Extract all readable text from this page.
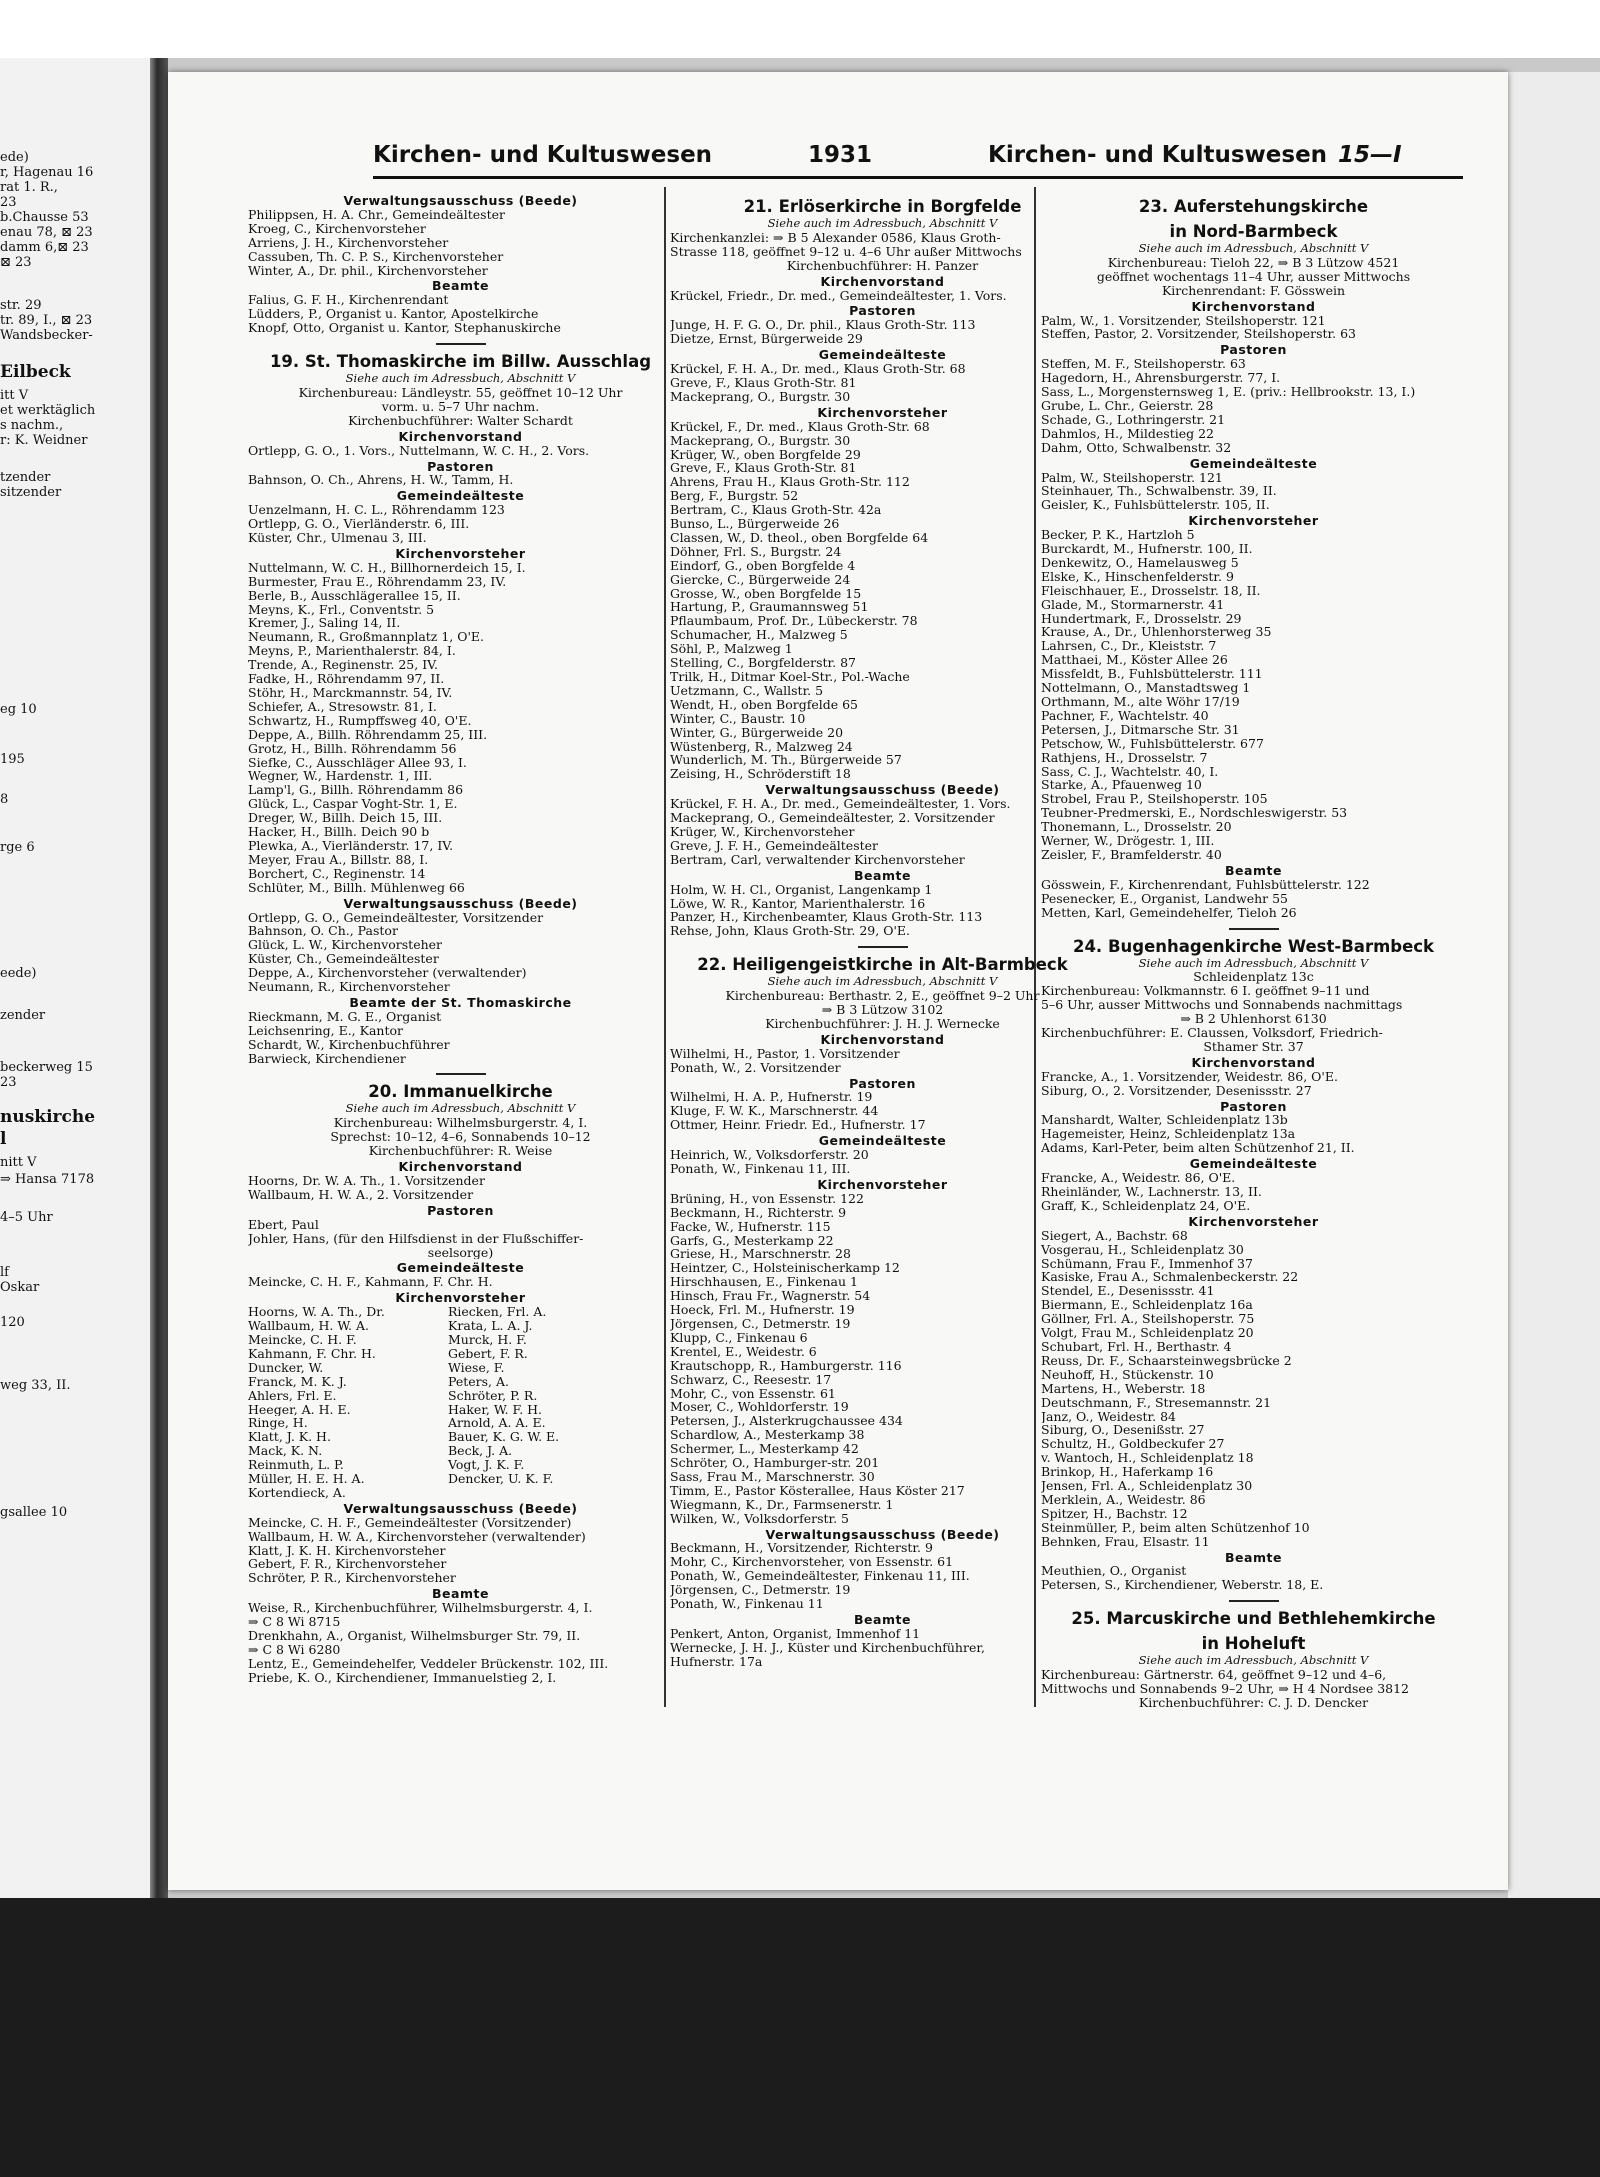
ede)
r, Hagenau 16
rat 1. R.,
23
b.Chausse 53
enau 78, ⊠ 23
damm 6,⊠ 23
⊠ 23
str. 29
tr. 89, I., ⊠ 23
Wandsbecker-
Eilbeck
itt V
et werktäglich
s nachm.,
r: K. Weidner
tzender
sitzender
eg 10
195
8
rge 6
eede)
zender
beckerweg 15
23
nuskirche
l
nitt V
⇒ Hansa 7178
4–5 Uhr
lf
Oskar
120
weg 33, II.
gsallee 10
Kirchen- und Kultuswesen	1931	Kirchen- und Kultuswesen 15—I
Verwaltungsausschuss (Beede)
Philippsen, H. A. Chr., Gemeindeältester
Kroeg, C., Kirchenvorsteher
Arriens, J. H., Kirchenvorsteher
Cassuben, Th. C. P. S., Kirchenvorsteher
Winter, A., Dr. phil., Kirchenvorsteher
Beamte
Falius, G. F. H., Kirchenrendant
Lüdders, P., Organist u. Kantor, Apostelkirche
Knopf, Otto, Organist u. Kantor, Stephanuskirche
19. St. Thomaskirche im Billw. Ausschlag
Siehe auch im Adressbuch, Abschnitt V
Kirchenbureau: Ländleystr. 55, geöffnet 10–12 Uhr
vorm. u. 5–7 Uhr nachm.
Kirchenbuchführer: Walter Schardt
Kirchenvorstand
Ortlepp, G. O., 1. Vors., Nuttelmann, W. C. H., 2. Vors.
Pastoren
Bahnson, O. Ch., Ahrens, H. W., Tamm, H.
Gemeindeälteste
Uenzelmann, H. C. L., Röhrendamm 123
Ortlepp, G. O., Vierländerstr. 6, III.
Küster, Chr., Ulmenau 3, III.
Kirchenvorsteher
Nuttelmann, W. C. H., Billhornerdeich 15, I.
Burmester, Frau E., Röhrendamm 23, IV.
Berle, B., Ausschlägerallee 15, II.
Meyns, K., Frl., Conventstr. 5
Kremer, J., Saling 14, II.
Neumann, R., Großmannplatz 1, O'E.
Meyns, P., Marienthalerstr. 84, I.
Trende, A., Reginenstr. 25, IV.
Fadke, H., Röhrendamm 97, II.
Stöhr, H., Marckmannstr. 54, IV.
Schiefer, A., Stresowstr. 81, I.
Schwartz, H., Rumpffsweg 40, O'E.
Deppe, A., Billh. Röhrendamm 25, III.
Grotz, H., Billh. Röhrendamm 56
Siefke, C., Ausschläger Allee 93, I.
Wegner, W., Hardenstr. 1, III.
Lamp'l, G., Billh. Röhrendamm 86
Glück, L., Caspar Voght-Str. 1, E.
Dreger, W., Billh. Deich 15, III.
Hacker, H., Billh. Deich 90 b
Plewka, A., Vierländerstr. 17, IV.
Meyer, Frau A., Billstr. 88, I.
Borchert, C., Reginenstr. 14
Schlüter, M., Billh. Mühlenweg 66
Verwaltungsausschuss (Beede)
Ortlepp, G. O., Gemeindeältester, Vorsitzender
Bahnson, O. Ch., Pastor
Glück, L. W., Kirchenvorsteher
Küster, Ch., Gemeindeältester
Deppe, A., Kirchenvorsteher (verwaltender)
Neumann, R., Kirchenvorsteher
Beamte der St. Thomaskirche
Rieckmann, M. G. E., Organist
Leichsenring, E., Kantor
Schardt, W., Kirchenbuchführer
Barwieck, Kirchendiener
20. Immanuelkirche
Siehe auch im Adressbuch, Abschnitt V
Kirchenbureau: Wilhelmsburgerstr. 4, I.
Sprechst: 10–12, 4–6, Sonnabends 10–12
Kirchenbuchführer: R. Weise
Kirchenvorstand
Hoorns, Dr. W. A. Th., 1. Vorsitzender
Wallbaum, H. W. A., 2. Vorsitzender
Pastoren
Ebert, Paul
Johler, Hans, (für den Hilfsdienst in der Flußschiffer-
seelsorge)
Gemeindeälteste
Meincke, C. H. F., Kahmann, F. Chr. H.
Kirchenvorsteher
Hoorns, W. A. Th., Dr.	Riecken, Frl. A.
Wallbaum, H. W. A.	Krata, L. A. J.
Meincke, C. H. F.	Murck, H. F.
Kahmann, F. Chr. H.	Gebert, F. R.
Duncker, W.	Wiese, F.
Franck, M. K. J.	Peters, A.
Ahlers, Frl. E.	Schröter, P. R.
Heeger, A. H. E.	Haker, W. F. H.
Ringe, H.	Arnold, A. A. E.
Klatt, J. K. H.	Bauer, K. G. W. E.
Mack, K. N.	Beck, J. A.
Reinmuth, L. P.	Vogt, J. K. F.
Müller, H. E. H. A.	Dencker, U. K. F.
Kortendieck, A.
Verwaltungsausschuss (Beede)
Meincke, C. H. F., Gemeindeältester (Vorsitzender)
Wallbaum, H. W. A., Kirchenvorsteher (verwaltender)
Klatt, J. K. H. Kirchenvorsteher
Gebert, F. R., Kirchenvorsteher
Schröter, P. R., Kirchenvorsteher
Beamte
Weise, R., Kirchenbuchführer, Wilhelmsburgerstr. 4, I.
⇒ C 8 Wi 8715
Drenkhahn, A., Organist, Wilhelmsburger Str. 79, II.
⇒ C 8 Wi 6280
Lentz, E., Gemeindehelfer, Veddeler Brückenstr. 102, III.
Priebe, K. O., Kirchendiener, Immanuelstieg 2, I.
21. Erlöserkirche in Borgfelde
Siehe auch im Adressbuch, Abschnitt V
Kirchenkanzlei: ⇒ B 5 Alexander 0586, Klaus Groth-
Strasse 118, geöffnet 9–12 u. 4–6 Uhr außer Mittwochs
Kirchenbuchführer: H. Panzer
Kirchenvorstand
Krückel, Friedr., Dr. med., Gemeindeältester, 1. Vors.
Pastoren
Junge, H. F. G. O., Dr. phil., Klaus Groth-Str. 113
Dietze, Ernst, Bürgerweide 29
Gemeindeälteste
Krückel, F. H. A., Dr. med., Klaus Groth-Str. 68
Greve, F., Klaus Groth-Str. 81
Mackeprang, O., Burgstr. 30
Kirchenvorsteher
Krückel, F., Dr. med., Klaus Groth-Str. 68
Mackeprang, O., Burgstr. 30
Krüger, W., oben Borgfelde 29
Greve, F., Klaus Groth-Str. 81
Ahrens, Frau H., Klaus Groth-Str. 112
Berg, F., Burgstr. 52
Bertram, C., Klaus Groth-Str. 42a
Bunso, L., Bürgerweide 26
Classen, W., D. theol., oben Borgfelde 64
Döhner, Frl. S., Burgstr. 24
Eindorf, G., oben Borgfelde 4
Giercke, C., Bürgerweide 24
Grosse, W., oben Borgfelde 15
Hartung, P., Graumannsweg 51
Pflaumbaum, Prof. Dr., Lübeckerstr. 78
Schumacher, H., Malzweg 5
Söhl, P., Malzweg 1
Stelling, C., Borgfelderstr. 87
Trilk, H., Ditmar Koel-Str., Pol.-Wache
Uetzmann, C., Wallstr. 5
Wendt, H., oben Borgfelde 65
Winter, C., Baustr. 10
Winter, G., Bürgerweide 20
Wüstenberg, R., Malzweg 24
Wunderlich, M. Th., Bürgerweide 57
Zeising, H., Schröderstift 18
Verwaltungsausschuss (Beede)
Krückel, F. H. A., Dr. med., Gemeindeältester, 1. Vors.
Mackeprang, O., Gemeindeältester, 2. Vorsitzender
Krüger, W., Kirchenvorsteher
Greve, J. F. H., Gemeindeältester
Bertram, Carl, verwaltender Kirchenvorsteher
Beamte
Holm, W. H. Cl., Organist, Langenkamp 1
Löwe, W. R., Kantor, Marienthalerstr. 16
Panzer, H., Kirchenbeamter, Klaus Groth-Str. 113
Rehse, John, Klaus Groth-Str. 29, O'E.
22. Heiligengeistkirche in Alt-Barmbeck
Siehe auch im Adressbuch, Abschnitt V
Kirchenbureau: Berthastr. 2, E., geöffnet 9–2 Uhr
⇒ B 3 Lützow 3102
Kirchenbuchführer: J. H. J. Wernecke
Kirchenvorstand
Wilhelmi, H., Pastor, 1. Vorsitzender
Ponath, W., 2. Vorsitzender
Pastoren
Wilhelmi, H. A. P., Hufnerstr. 19
Kluge, F. W. K., Marschnerstr. 44
Ottmer, Heinr. Friedr. Ed., Hufnerstr. 17
Gemeindeälteste
Heinrich, W., Volksdorferstr. 20
Ponath, W., Finkenau 11, III.
Kirchenvorsteher
Brüning, H., von Essenstr. 122
Beckmann, H., Richterstr. 9
Facke, W., Hufnerstr. 115
Garfs, G., Mesterkamp 22
Griese, H., Marschnerstr. 28
Heintzer, C., Holsteinischerkamp 12
Hirschhausen, E., Finkenau 1
Hinsch, Frau Fr., Wagnerstr. 54
Hoeck, Frl. M., Hufnerstr. 19
Jörgensen, C., Detmerstr. 19
Klupp, C., Finkenau 6
Krentel, E., Weidestr. 6
Krautschopp, R., Hamburgerstr. 116
Schwarz, C., Reesestr. 17
Mohr, C., von Essenstr. 61
Moser, C., Wohldorferstr. 19
Petersen, J., Alsterkrugchaussee 434
Schardlow, A., Mesterkamp 38
Schermer, L., Mesterkamp 42
Schröter, O., Hamburger-str. 201
Sass, Frau M., Marschnerstr. 30
Timm, E., Pastor Kösteralleе, Haus Köster 217
Wiegmann, K., Dr., Farmsenerstr. 1
Wilken, W., Volksdorferstr. 5
Verwaltungsausschuss (Beede)
Beckmann, H., Vorsitzender, Richterstr. 9
Mohr, C., Kirchenvorsteher, von Essenstr. 61
Ponath, W., Gemeindeältester, Finkenau 11, III.
Jörgensen, C., Detmerstr. 19
Ponath, W., Finkenau 11
Beamte
Penkert, Anton, Organist, Immenhof 11
Wernecke, J. H. J., Küster und Kirchenbuchführer,
Hufnerstr. 17a
23. Auferstehungskirche
in Nord-Barmbeck
Siehe auch im Adressbuch, Abschnitt V
Kirchenbureau: Tieloh 22, ⇒ B 3 Lützow 4521
geöffnet wochentags 11–4 Uhr, ausser Mittwochs
Kirchenrendant: F. Gösswein
Kirchenvorstand
Palm, W., 1. Vorsitzender, Steilshoperstr. 121
Steffen, Pastor, 2. Vorsitzender, Steilshoperstr. 63
Pastoren
Steffen, M. F., Steilshoperstr. 63
Hagedorn, H., Ahrensburgerstr. 77, I.
Sass, L., Morgensternsweg 1, E. (priv.: Hellbrookstr. 13, I.)
Grube, L. Chr., Geierstr. 28
Schade, G., Lothringerstr. 21
Dahmlos, H., Mildestieg 22
Dahm, Otto, Schwalbenstr. 32
Gemeindeälteste
Palm, W., Steilshoperstr. 121
Steinhauer, Th., Schwalbenstr. 39, II.
Geisler, K., Fuhlsbüttelerstr. 105, II.
Kirchenvorsteher
Becker, P. K., Hartzloh 5
Burckardt, M., Hufnerstr. 100, II.
Denkewitz, O., Hamelausweg 5
Elske, K., Hinschenfelderstr. 9
Fleischhauer, E., Drosselstr. 18, II.
Glade, M., Stormarnerstr. 41
Hundertmark, F., Drosselstr. 29
Krause, A., Dr., Uhlenhorsterweg 35
Lahrsen, C., Dr., Kleiststr. 7
Matthaei, M., Köster Allee 26
Missfeldt, B., Fuhlsbüttelerstr. 111
Nottelmann, O., Manstadtsweg 1
Orthmann, M., alte Wöhr 17/19
Pachner, F., Wachtelstr. 40
Petersen, J., Ditmarsche Str. 31
Petschow, W., Fuhlsbüttelerstr. 677
Rathjens, H., Drosselstr. 7
Sass, C. J., Wachtelstr. 40, I.
Starke, A., Pfauenweg 10
Strobel, Frau P., Steilshoperstr. 105
Teubner-Predmerski, E., Nordschleswigerstr. 53
Thonemann, L., Drosselstr. 20
Werner, W., Drögestr. 1, III.
Zeisler, F., Bramfelderstr. 40
Beamte
Gösswein, F., Kirchenrendant, Fuhlsbüttelerstr. 122
Pesenecker, E., Organist, Landwehr 55
Metten, Karl, Gemeindehelfer, Tieloh 26
24. Bugenhagenkirche West-Barmbeck
Siehe auch im Adressbuch, Abschnitt V
Schleidenplatz 13c
Kirchenbureau: Volkmannstr. 6 I. geöffnet 9–11 und
5–6 Uhr, ausser Mittwochs und Sonnabends nachmittags
⇒ B 2 Uhlenhorst 6130
Kirchenbuchführer: E. Claussen, Volksdorf, Friedrich-
Sthamer Str. 37
Kirchenvorstand
Francke, A., 1. Vorsitzender, Weidestr. 86, O'E.
Siburg, O., 2. Vorsitzender, Desenissstr. 27
Pastoren
Manshardt, Walter, Schleidenplatz 13b
Hagemeister, Heinz, Schleidenplatz 13a
Adams, Karl-Peter, beim alten Schützenhof 21, II.
Gemeindeälteste
Francke, A., Weidestr. 86, O'E.
Rheinländer, W., Lachnerstr. 13, II.
Graff, K., Schleidenplatz 24, O'E.
Kirchenvorsteher
Siegert, A., Bachstr. 68
Vosgerau, H., Schleidenplatz 30
Schümann, Frau F., Immenhof 37
Kasiske, Frau A., Schmalenbeckerstr. 22
Stendel, E., Desenissstr. 41
Biermann, E., Schleidenplatz 16a
Göllner, Frl. A., Steilshoperstr. 75
Volgt, Frau M., Schleidenplatz 20
Schubart, Frl. H., Berthastr. 4
Reuss, Dr. F., Schaarsteinwegsbrücke 2
Neuhoff, H., Stückenstr. 10
Martens, H., Weberstr. 18
Deutschmann, F., Stresemannstr. 21
Janz, O., Weidestr. 84
Siburg, O., Desenißstr. 27
Schultz, H., Goldbeckufer 27
v. Wantoch, H., Schleidenplatz 18
Brinkop, H., Haferkamp 16
Jensen, Frl. A., Schleidenplatz 30
Merklein, A., Weidestr. 86
Spitzer, H., Bachstr. 12
Steinmüller, P., beim alten Schützenhof 10
Behnken, Frau, Elsastr. 11
Beamte
Meuthien, O., Organist
Petersen, S., Kirchendiener, Weberstr. 18, E.
25. Marcuskirche und Bethlehemkirche
in Hoheluft
Siehe auch im Adressbuch, Abschnitt V
Kirchenbureau: Gärtnerstr. 64, geöffnet 9–12 und 4–6,
Mittwochs und Sonnabends 9–2 Uhr, ⇒ H 4 Nordsee 3812
Kirchenbuchführer: C. J. D. Dencker
